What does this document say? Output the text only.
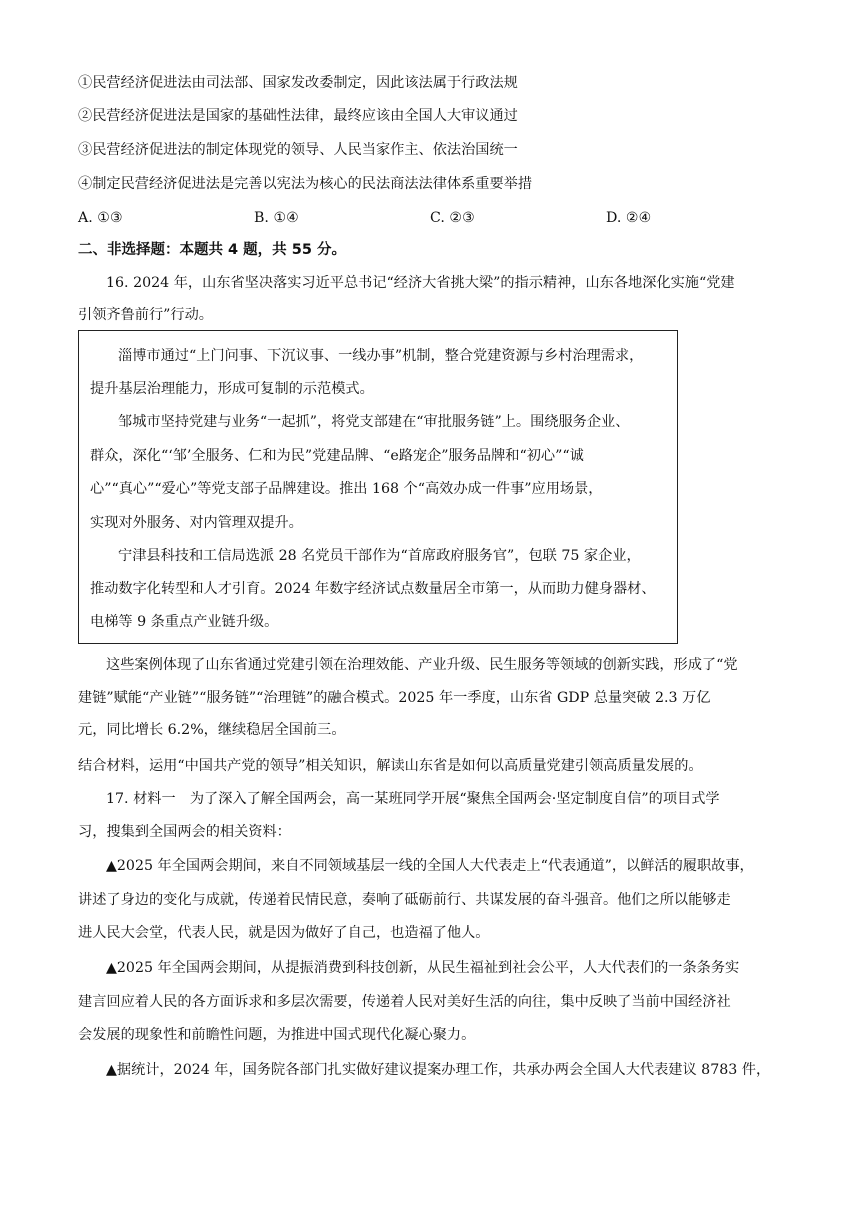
①民营经济促进法由司法部、国家发改委制定，因此该法属于行政法规
②民营经济促进法是国家的基础性法律，最终应该由全国人大审议通过
③民营经济促进法的制定体现党的领导、人民当家作主、依法治国统一
④制定民营经济促进法是完善以宪法为核心的民法商法法律体系重要举措
A. ①③	B. ①④	C. ②③	D. ②④
二、非选择题：本题共 4 题，共 55 分。
16. 2024 年，山东省坚决落实习近平总书记“经济大省挑大梁”的指示精神，山东各地深化实施“党建
引领齐鲁前行”行动。
淄博市通过“上门问事、下沉议事、一线办事”机制，整合党建资源与乡村治理需求，
提升基层治理能力，形成可复制的示范模式。
邹城市坚持党建与业务“一起抓”，将党支部建在“审批服务链”上。围绕服务企业、
群众，深化“‘邹’全服务、仁和为民”党建品牌、“e路宠企”服务品牌和“初心”“诚
心”“真心”“爱心”等党支部子品牌建设。推出 168 个“高效办成一件事”应用场景，
实现对外服务、对内管理双提升。
宁津县科技和工信局选派 28 名党员干部作为“首席政府服务官”，包联 75 家企业，
推动数字化转型和人才引育。2024 年数字经济试点数量居全市第一，从而助力健身器材、
电梯等 9 条重点产业链升级。
这些案例体现了山东省通过党建引领在治理效能、产业升级、民生服务等领域的创新实践，形成了“党
建链”赋能“产业链”“服务链”“治理链”的融合模式。2025 年一季度，山东省 GDP 总量突破 2.3 万亿
元，同比增长 6.2%，继续稳居全国前三。
结合材料，运用“中国共产党的领导”相关知识，解读山东省是如何以高质量党建引领高质量发展的。
17. 材料一　为了深入了解全国两会，高一某班同学开展“聚焦全国两会·坚定制度自信”的项目式学
习，搜集到全国两会的相关资料：
▲2025 年全国两会期间，来自不同领域基层一线的全国人大代表走上“代表通道”，以鲜活的履职故事，
讲述了身边的变化与成就，传递着民情民意，奏响了砥砺前行、共谋发展的奋斗强音。他们之所以能够走
进人民大会堂，代表人民，就是因为做好了自己，也造福了他人。
▲2025 年全国两会期间，从提振消费到科技创新，从民生福祉到社会公平，人大代表们的一条条务实
建言回应着人民的各方面诉求和多层次需要，传递着人民对美好生活的向往，集中反映了当前中国经济社
会发展的现象性和前瞻性问题，为推进中国式现代化凝心聚力。
▲据统计，2024 年，国务院各部门扎实做好建议提案办理工作，共承办两会全国人大代表建议 8783 件，
